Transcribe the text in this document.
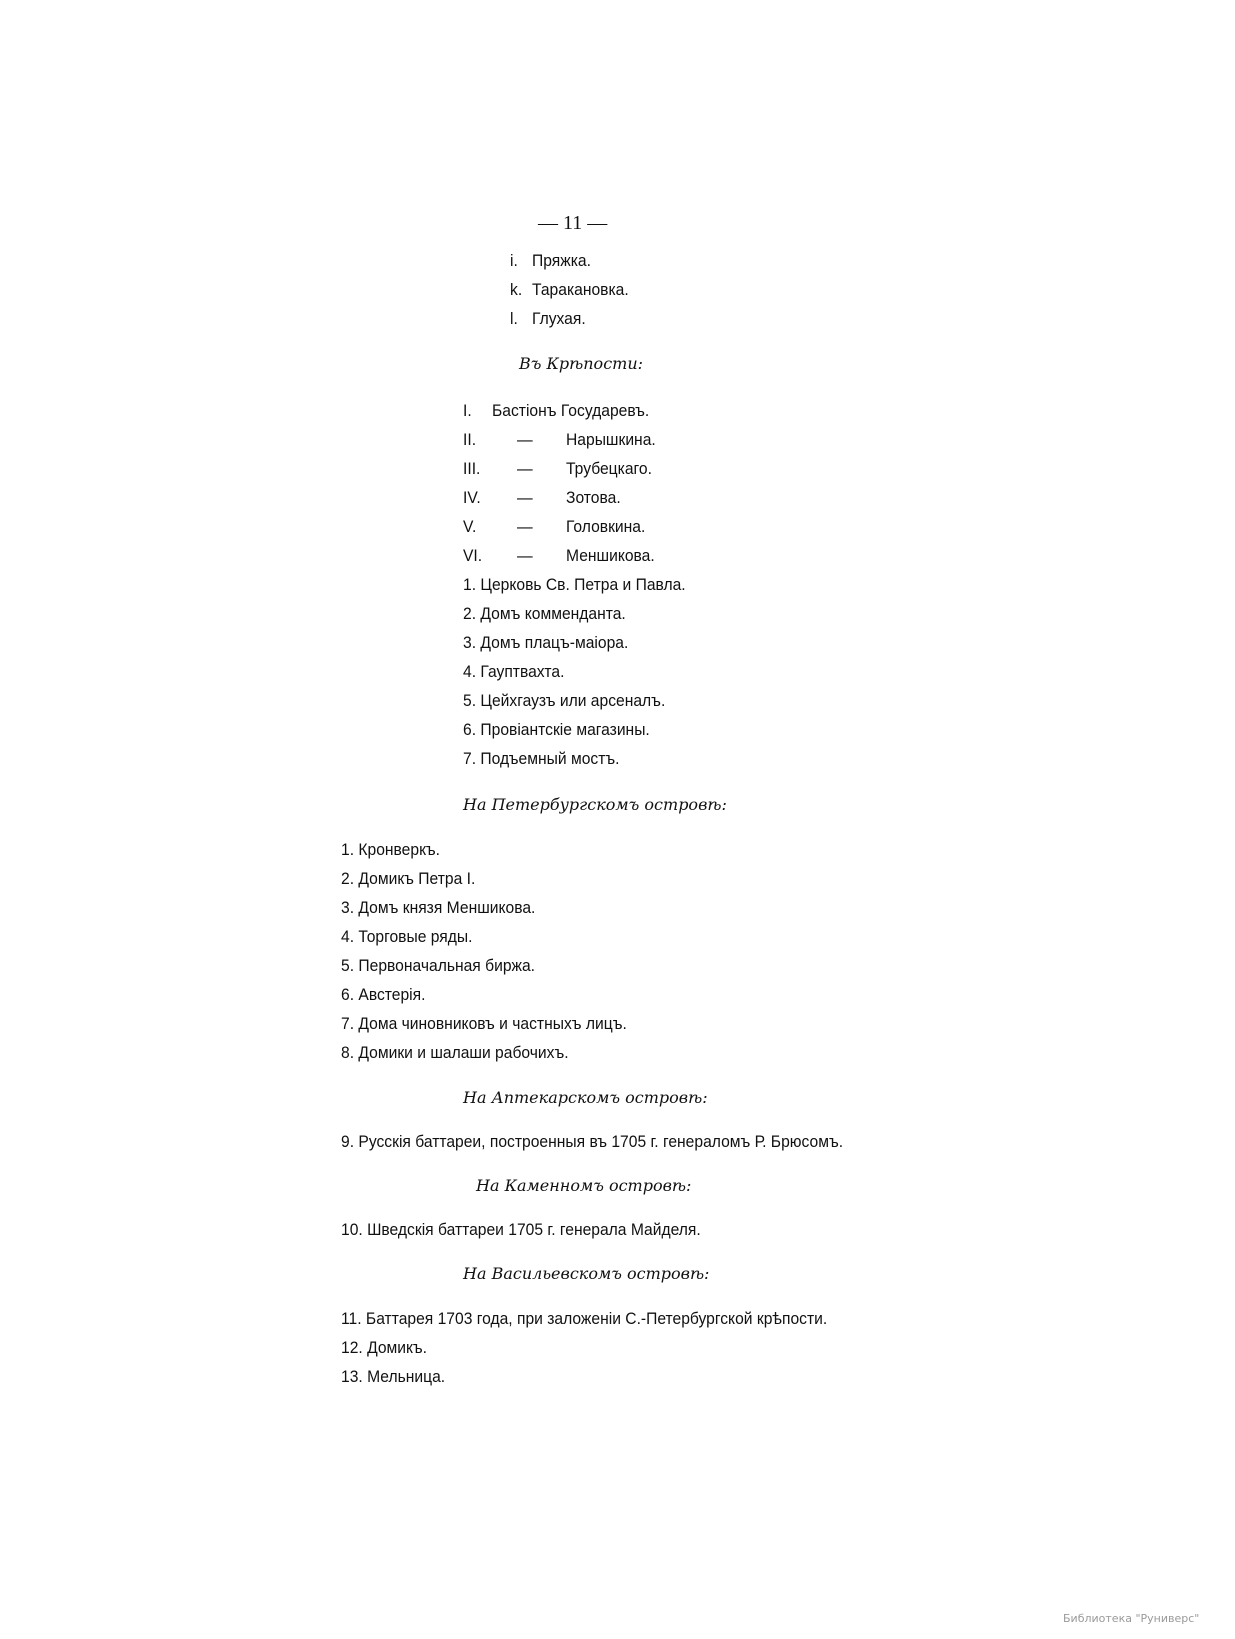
— 11 —
i. Пряжка.
k. Таракановка.
l. Глухая.
Въ Крѣпости:
I. Бастіонъ Государевъ.
II. — Нарышкина.
III. — Трубецкаго.
IV. — Зотова.
V. — Головкина.
VI. — Меншикова.
1. Церковь Св. Петра и Павла.
2. Домъ коммендaнта.
3. Домъ плацъ-маіора.
4. Гауптвахта.
5. Цейхгаузъ или арсеналъ.
6. Провіантскіе магазины.
7. Подъемный мостъ.
На Петербургскомъ островѣ:
1. Кронверкъ.
2. Домикъ Петра I.
3. Домъ князя Меншикова.
4. Торговые ряды.
5. Первоначальная биржа.
6. Австерія.
7. Дома чиновниковъ и частныхъ лицъ.
8. Домики и шалаши рабочихъ.
На Аптекарскомъ островѣ:
9. Русскія баттареи, построенныя въ 1705 г. генераломъ Р. Брюсомъ.
На Каменномъ островѣ:
10. Шведскія баттареи 1705 г. генерала Майделя.
На Васильевскомъ островѣ:
11. Баттарея 1703 года, при заложеніи С.-Петербургской крѣпости.
12. Домикъ.
13. Мельница.
Библиотека "Руниверс"
